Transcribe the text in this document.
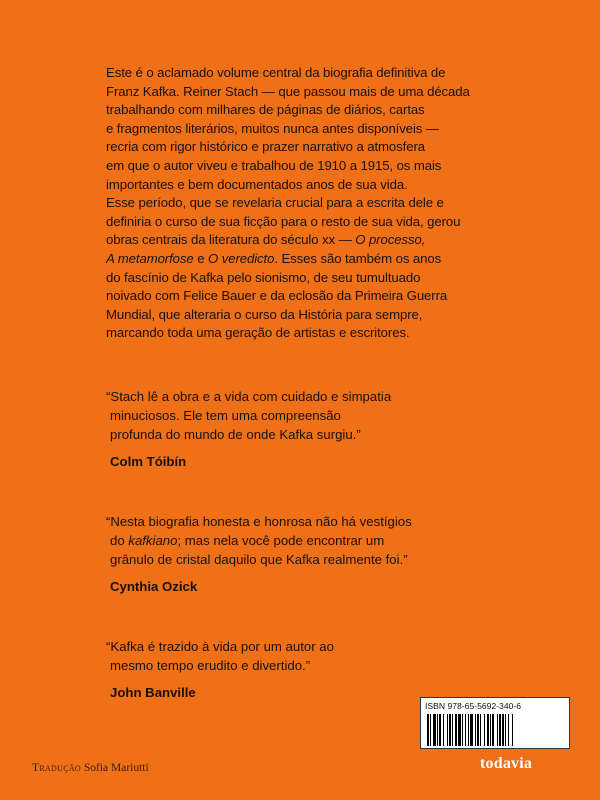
Este é o aclamado volume central da biografia definitiva de

Franz Kafka. Reiner Stach — que passou mais de uma década

trabalhando com milhares de páginas de diários, cartas

e fragmentos literários, muitos nunca antes disponíveis —

recria com rigor histórico e prazer narrativo a atmosfera

em que o autor viveu e trabalhou de 1910 a 1915, os mais

importantes e bem documentados anos de sua vida.

Esse período, que se revelaria crucial para a escrita dele e

definiria o curso de sua ficção para o resto de sua vida, gerou

obras centrais da literatura do século xx — O processo,

A metamorfose e O veredicto. Esses são também os anos

do fascínio de Kafka pelo sionismo, de seu tumultuado

noivado com Felice Bauer e da eclosão da Primeira Guerra

Mundial, que alteraria o curso da História para sempre,

marcando toda uma geração de artistas e escritores.

“Stach lê a obra e a vida com cuidado e simpatia
minuciosos. Ele tem uma compreensão
profunda do mundo de onde Kafka surgiu.”
Colm Tóibín
“Nesta biografia honesta e honrosa não há vestígios
do kafkiano; mas nela você pode encontrar um
grânulo de cristal daquilo que Kafka realmente foi.”
Cynthia Ozick
“Kafka é trazido à vida por um autor ao
mesmo tempo erudito e divertido.”
John Banville
Tradução Sofia Mariutti
ISBN 978-65-5692-340-6
todavia
